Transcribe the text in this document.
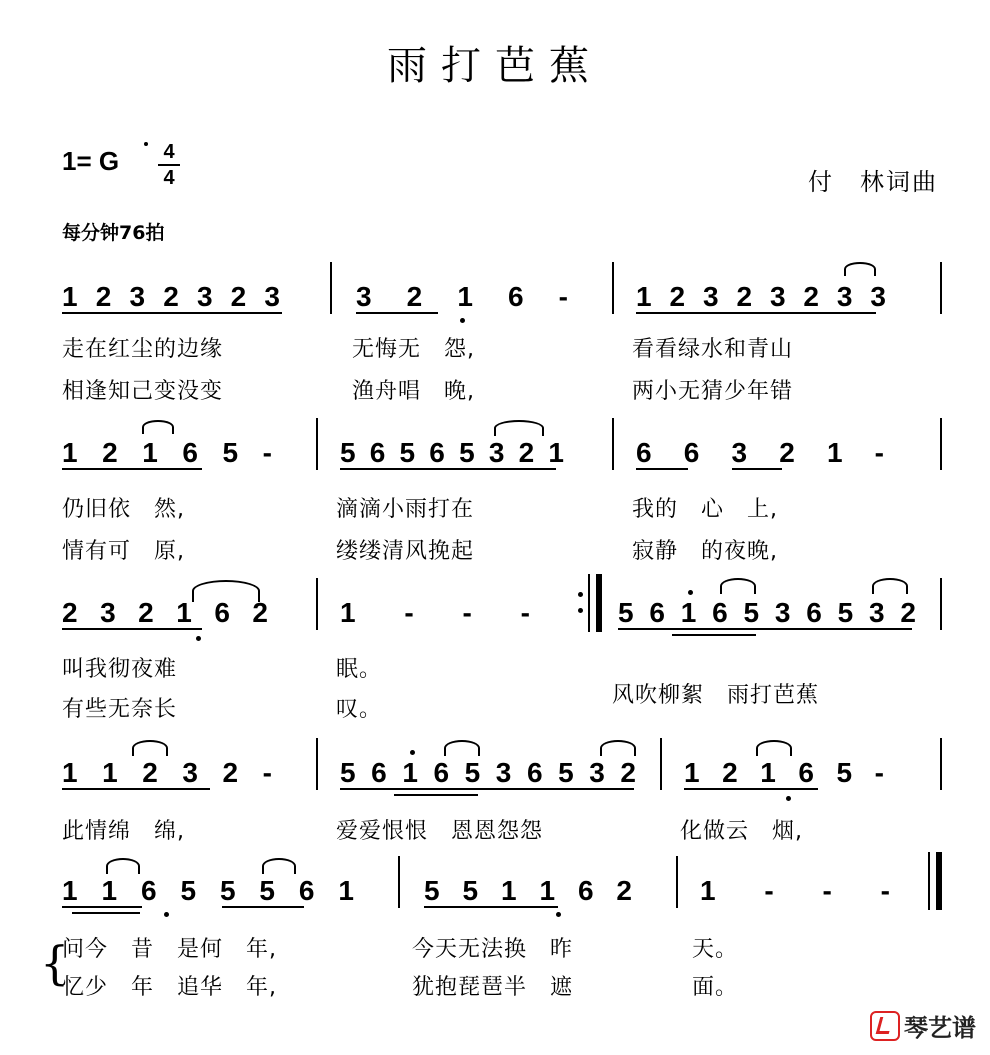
雨打芭蕉
1= G 4
4	付　林词曲
每分钟76拍
1 2 3 2 3 2 3	3 2 1 6 - 1 2 3 2 3 2 3 3
走在红尘的边缘	无悔无　怨,	看看绿水和青山
相逢知己变没变	渔舟唱　晚,	两小无猜少年错
1 2 1 6 5 - 5 6 5 6 5 3 2 1	6 6 3 2 1 -
仍旧依　然,	滴滴小雨打在	我的　心　上,
情有可　原,	缕缕清风挽起	寂静　的夜晚,
2 3 2 1 6 2	1 - - -	5 6 1 6 5 3 6 5 3 2
叫我彻夜难	眠。
有些无奈长	叹。
风吹柳絮　雨打芭蕉
1 1 2 3 2 - 5 6 1 6 5 3 6 5 3 2 1 2 1 6 5 -
此情绵　绵,	爱爱恨恨　恩恩怨怨	化做云　烟,
1 1 6 5 5 5 6 1	5 5 1 1 6 2 1 - - -
{
问今　昔　是何　年,	今天无法换　昨	天。
忆少　年　追华　年,	犹抱琵琶半　遮	面。
琴艺谱
